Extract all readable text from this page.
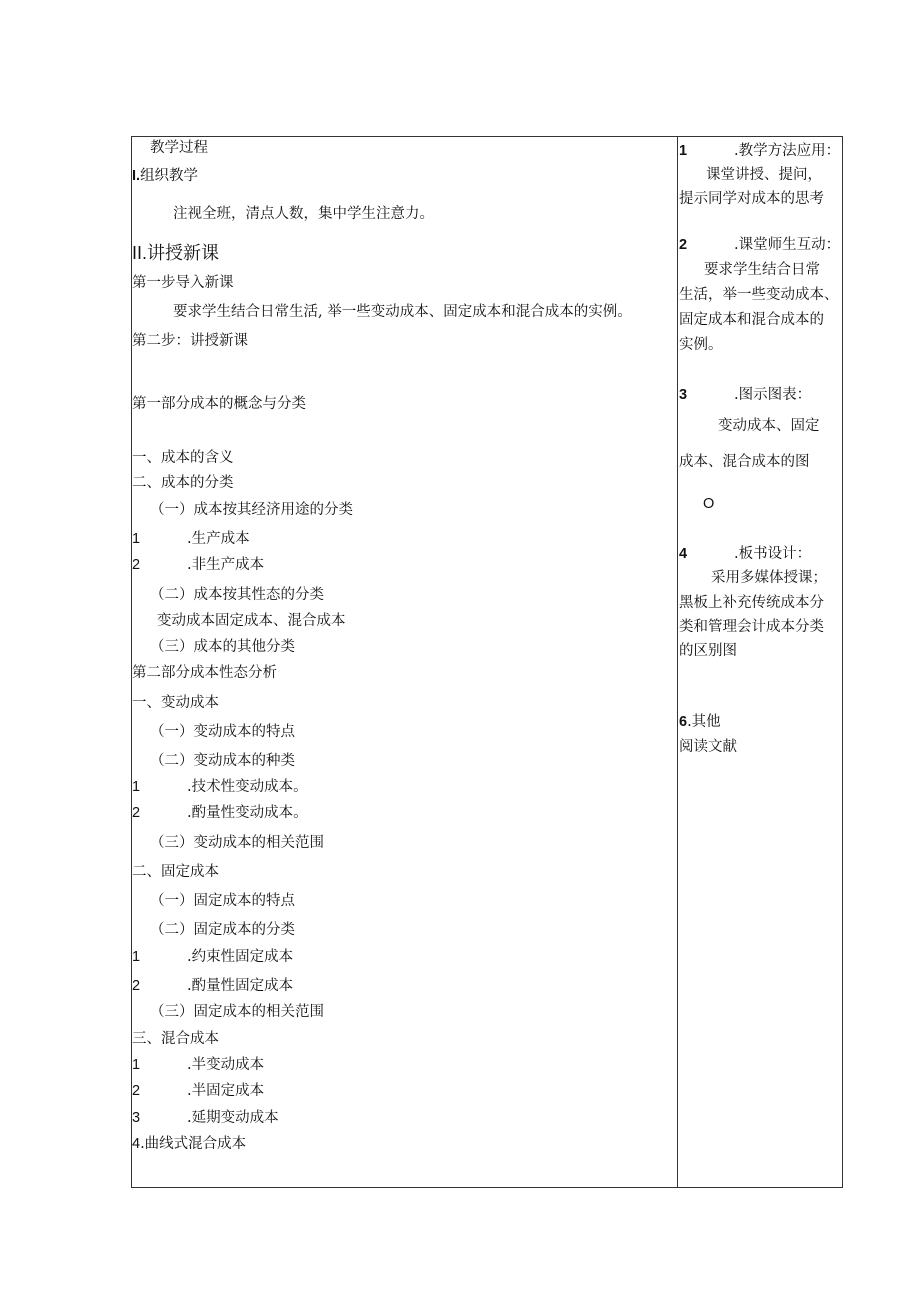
教学过程
I.组织教学
注视全班，清点人数，集中学生注意力。
II.讲授新课
第一步导入新课
要求学生结合日常生活, 举一些变动成本、固定成本和混合成本的实例。
第二步：讲授新课
第一部分成本的概念与分类
一、成本的含义
二、成本的分类
（一）成本按其经济用途的分类
1	.生产成本
2	.非生产成本
（二）成本按其性态的分类
变动成本固定成本、混合成本
（三）成本的其他分类
第二部分成本性态分析
一、变动成本
（一）变动成本的特点
（二）变动成本的种类
1	.技术性变动成本。
2	.酌量性变动成本。
（三）变动成本的相关范围
二、固定成本
（一）固定成本的特点
（二）固定成本的分类
1	.约束性固定成本
2	.酌量性固定成本
（三）固定成本的相关范围
三、混合成本
1	.半变动成本
2	.半固定成本
3	.延期变动成本
4.曲线式混合成本
1	.教学方法应用：
课堂讲授、提问，
提示同学对成本的思考
2	.课堂师生互动：
要求学生结合日常
生活，举一些变动成本、
固定成本和混合成本的
实例。
3	.图示图表：
变动成本、固定
成本、混合成本的图
O
4	.板书设计：
采用多媒体授课；
黑板上补充传统成本分
类和管理会计成本分类
的区别图
6.其他
阅读文献
